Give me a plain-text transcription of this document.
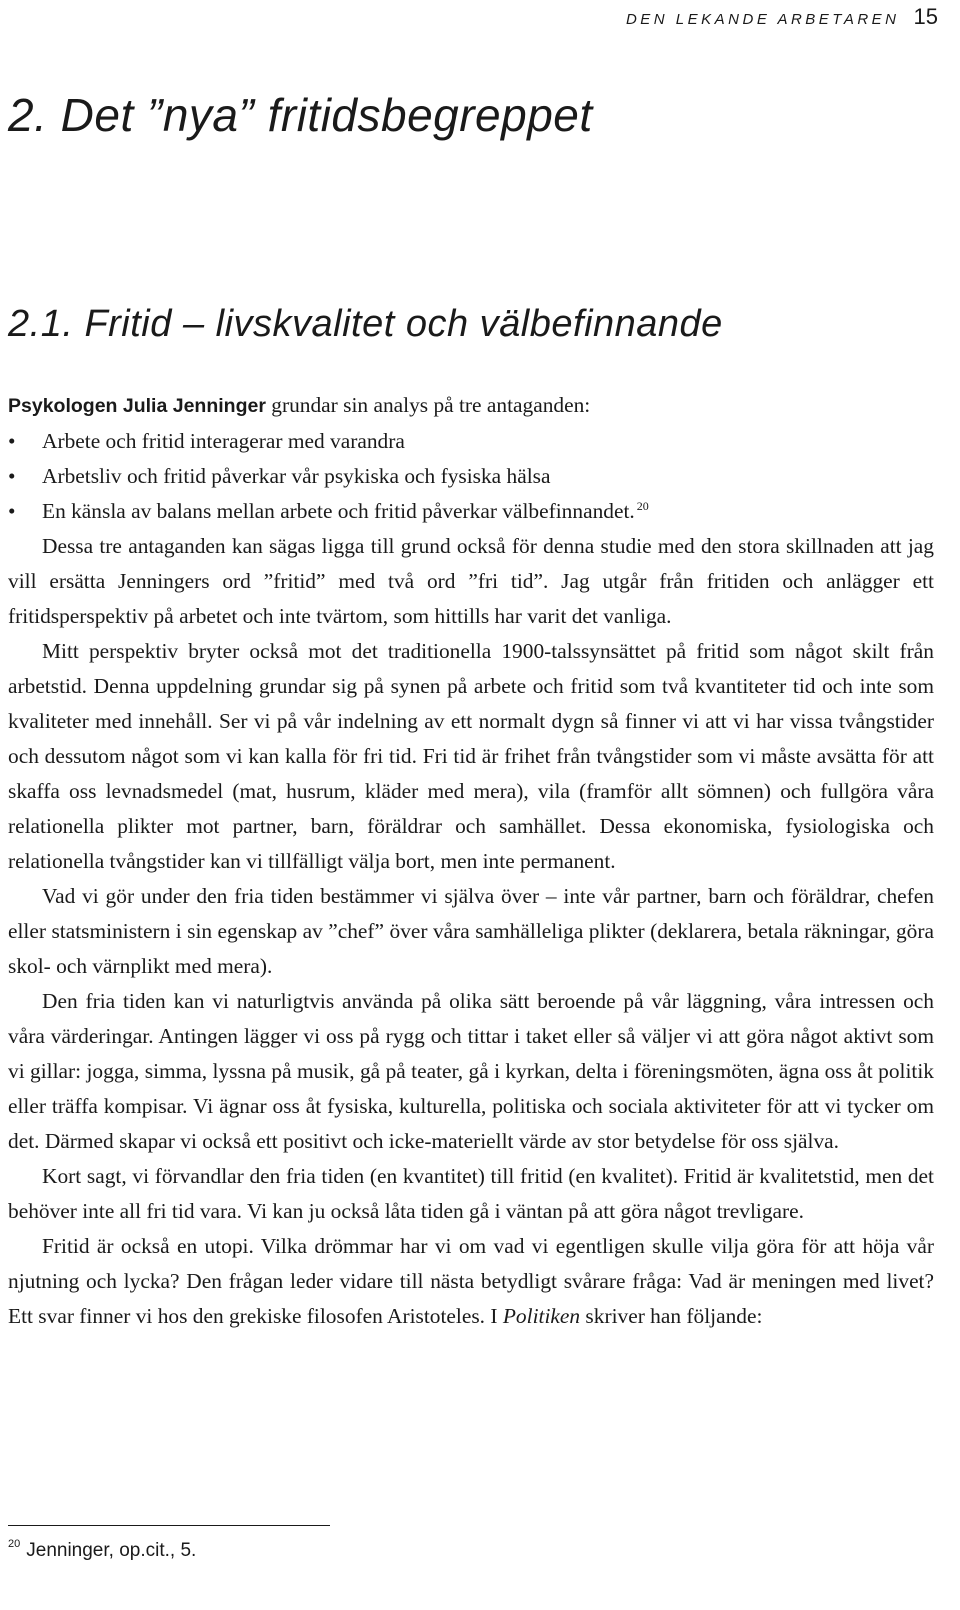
DEN LEKANDE ARBETAREN 15
2. Det ”nya” fritidsbegreppet
2.1. Fritid – livskvalitet och välbefinnande

Psykologen Julia Jenninger grundar sin analys på tre antaganden:

• Arbete och fritid interagerar med varandra
• Arbetsliv och fritid påverkar vår psykiska och fysiska hälsa
• En känsla av balans mellan arbete och fritid påverkar välbefinnandet. $^{20}$

Dessa tre antaganden kan sägas ligga till grund också för denna studie med den stora skillnaden att jag vill ersätta Jenningers ord ”fritid” med två ord ”fri tid”. Jag utgår från fritiden och anlägger ett fritidsperspektiv på arbetet och inte tvärtom, som hittills har varit det vanliga.

Mitt perspektiv bryter också mot det traditionella 1900-talssynsättet på fritid som något skilt från arbetstid. Denna uppdelning grundar sig på synen på arbete och fritid som två kvantiteter tid och inte som kvaliteter med innehåll. Ser vi på vår indelning av ett normalt dygn så finner vi att vi har vissa tvångstider och dessutom något som vi kan kalla för fri tid. Fri tid är frihet från tvångstider som vi måste avsätta för att skaffa oss levnadsmedel (mat, husrum, kläder med mera), vila (framför allt sömnen) och fullgöra våra relationella plikter mot partner, barn, föräldrar och samhället. Dessa ekonomiska, fysiologiska och relationella tvångstider kan vi tillfälligt välja bort, men inte permanent.

Vad vi gör under den fria tiden bestämmer vi själva över – inte vår partner, barn och föräldrar, chefen eller statsministern i sin egenskap av ”chef” över våra samhälleliga plikter (deklarera, betala räkningar, göra skol- och värnplikt med mera).

Den fria tiden kan vi naturligtvis använda på olika sätt beroende på vår läggning, våra intressen och våra värderingar. Antingen lägger vi oss på rygg och tittar i taket eller så väljer vi att göra något aktivt som vi gillar: jogga, simma, lyssna på musik, gå på teater, gå i kyrkan, delta i föreningsmöten, ägna oss åt politik eller träffa kompisar. Vi ägnar oss åt fysiska, kulturella, politiska och sociala aktiviteter för att vi tycker om det. Därmed skapar vi också ett positivt och icke-materiellt värde av stor betydelse för oss själva.

Kort sagt, vi förvandlar den fria tiden (en kvantitet) till fritid (en kvalitet). Fritid är kvalitetstid, men det behöver inte all fri tid vara. Vi kan ju också låta tiden gå i väntan på att göra något trevligare.

Fritid är också en utopi. Vilka drömmar har vi om vad vi egentligen skulle vilja göra för att höja vår njutning och lycka? Den frågan leder vidare till nästa betydligt svårare fråga: Vad är meningen med livet? Ett svar finner vi hos den grekiske filosofen Aristoteles. I Politiken skriver han följande:

$^{20}$ Jenninger, op.cit., 5.
